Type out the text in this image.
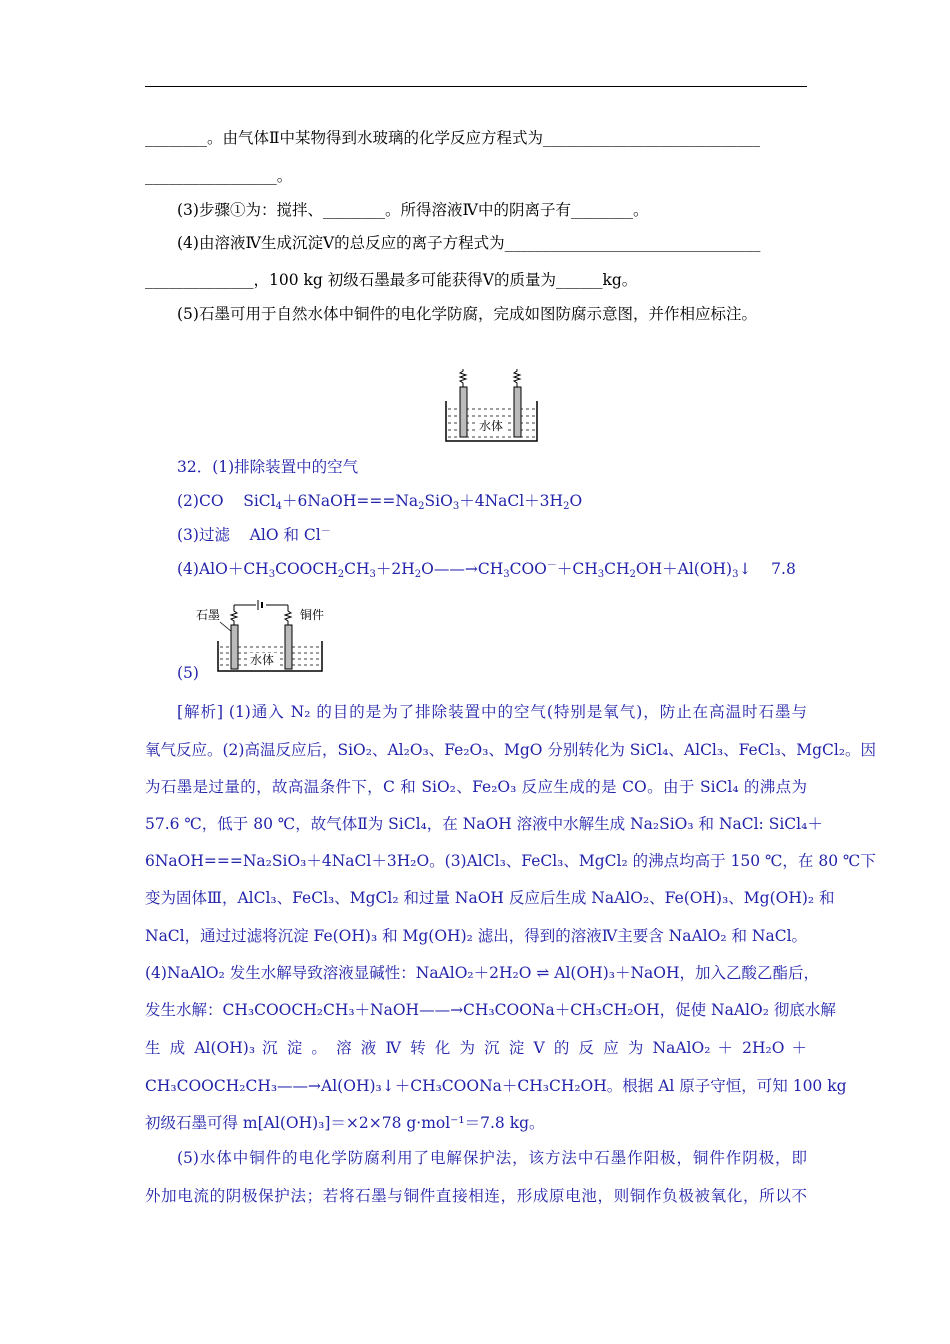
________。由气体Ⅱ中某物得到水玻璃的化学反应方程式为____________________________
_________________。
(3)步骤①为：搅拌、________。所得溶液Ⅳ中的阴离子有________。
(4)由溶液Ⅳ生成沉淀Ⅴ的总反应的离子方程式为_________________________________
______________，100 kg 初级石墨最多可能获得Ⅴ的质量为______kg。
(5)石墨可用于自然水体中铜件的电化学防腐，完成如图防腐示意图，并作相应标注。
水体
32．(1)排除装置中的空气
(2)CO    $SiCl_4+6NaOH===Na_2SiO_3+4NaCl+3H_2O$
(3)过滤    AlO 和 Cl－
$(4)AlO+CH_3COOCH_2CH_3+2H_2O——\to CH_3COO^-+CH_3CH_2OH+Al(OH)_3↓$    7.8
(5)
石墨	铜件
水体
[解析] (1)通入 N₂ 的目的是为了排除装置中的空气(特别是氧气)，防止在高温时石墨与
氧气反应。(2)高温反应后，SiO₂、Al₂O₃、Fe₂O₃、MgO 分别转化为 SiCl₄、AlCl₃、FeCl₃、MgCl₂。因
为石墨是过量的，故高温条件下，C 和 SiO₂、Fe₂O₃ 反应生成的是 CO。由于 SiCl₄ 的沸点为
57.6 ℃，低于 80 ℃，故气体Ⅱ为 SiCl₄，在 NaOH 溶液中水解生成 Na₂SiO₃ 和 NaCl: SiCl₄＋
6NaOH===Na₂SiO₃＋4NaCl＋3H₂O。(3)AlCl₃、FeCl₃、MgCl₂ 的沸点均高于 150 ℃，在 80 ℃下
变为固体Ⅲ，AlCl₃、FeCl₃、MgCl₂ 和过量 NaOH 反应后生成 NaAlO₂、Fe(OH)₃、Mg(OH)₂ 和
NaCl，通过过滤将沉淀 Fe(OH)₃ 和 Mg(OH)₂ 滤出，得到的溶液Ⅳ主要含 NaAlO₂ 和 NaCl。
(4)NaAlO₂ 发生水解导致溶液显碱性：NaAlO₂＋2H₂O ⇌ Al(OH)₃＋NaOH，加入乙酸乙酯后，
发生水解：CH₃COOCH₂CH₃＋NaOH——→CH₃COONa＋CH₃CH₂OH，促使 NaAlO₂ 彻底水解
生 成 Al(OH)₃ 沉 淀 。 溶 液 Ⅳ 转 化 为 沉 淀 Ⅴ 的 反 应 为 NaAlO₂ ＋ 2H₂O ＋
CH₃COOCH₂CH₃——→Al(OH)₃↓＋CH₃COONa＋CH₃CH₂OH。根据 Al 原子守恒，可知 100 kg
初级石墨可得 m[Al(OH)₃]＝×2×78 g·mol⁻¹＝7.8 kg。
(5)水体中铜件的电化学防腐利用了电解保护法，该方法中石墨作阳极，铜件作阴极，即
外加电流的阴极保护法；若将石墨与铜件直接相连，形成原电池，则铜作负极被氧化，所以不
